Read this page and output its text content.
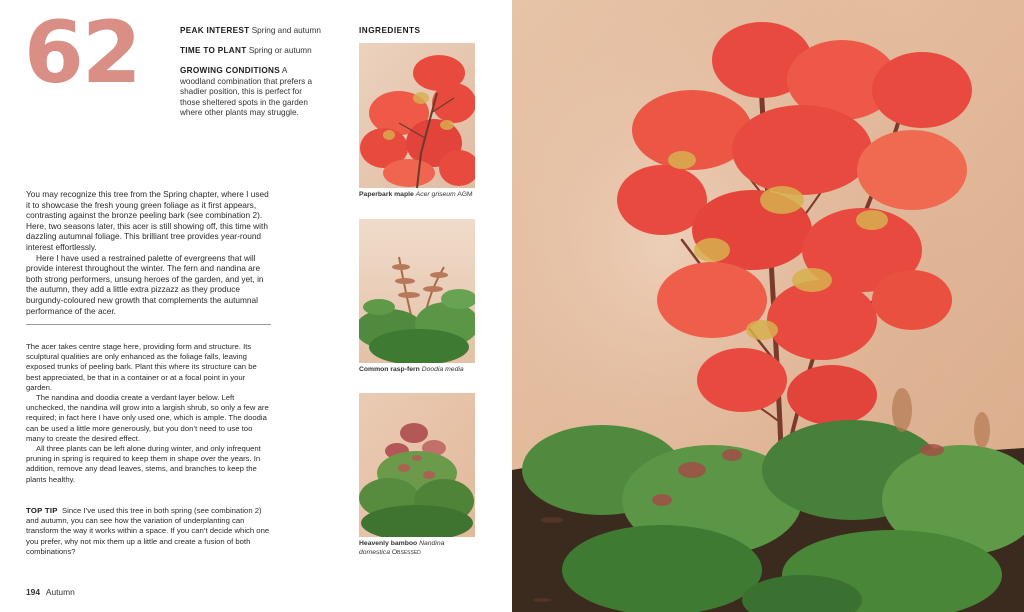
62	PEAK INTEREST Spring and autumn
TIME TO PLANT Spring or autumn
GROWING CONDITIONS A woodland combination that prefers a shadier position, this is perfect for those sheltered spots in the garden where other plants may struggle.

You may recognize this tree from the Spring chapter, where I used it to showcase the fresh young green foliage as it first appears, contrasting against the bronze peeling bark (see combination 2). Here, two seasons later, this acer is still showing off, this time with dazzling autumnal foliage. This brilliant tree provides year-round interest effortlessly.

Here I have used a restrained palette of evergreens that will provide interest throughout the winter. The fern and nandina are both strong performers, unsung heroes of the garden, and yet, in the autumn, they add a little extra pizzazz as they produce burgundy-coloured new growth that complements the autumnal performance of the acer.

The acer takes centre stage here, providing form and structure. Its sculptural qualities are only enhanced as the foliage falls, leaving exposed trunks of peeling bark. Plant this where its structure can be best appreciated, be that in a container or at a focal point in your garden.

The nandina and doodia create a verdant layer below. Left unchecked, the nandina will grow into a largish shrub, so only a few are required; in fact here I have only used one, which is ample. The doodia can be used a little more generously, but you don’t need to use too many to create the desired effect.

All three plants can be left alone during winter, and only infrequent pruning in spring is required to keep them in shape over the years. In addition, remove any dead leaves, stems, and branches to keep the plants healthy.

TOP TIP Since I’ve used this tree in both spring (see combination 2) and autumn, you can see how the variation of underplanting can transform the way it works within a space. If you can’t decide which one you prefer, why not mix them up a little and create a fusion of both combinations?
194 Autumn
INGREDIENTS
Paperbark maple Acer griseum AGM
Common rasp-fern Doodia media
Heavenly bamboo Nandina domestica Obsessed
